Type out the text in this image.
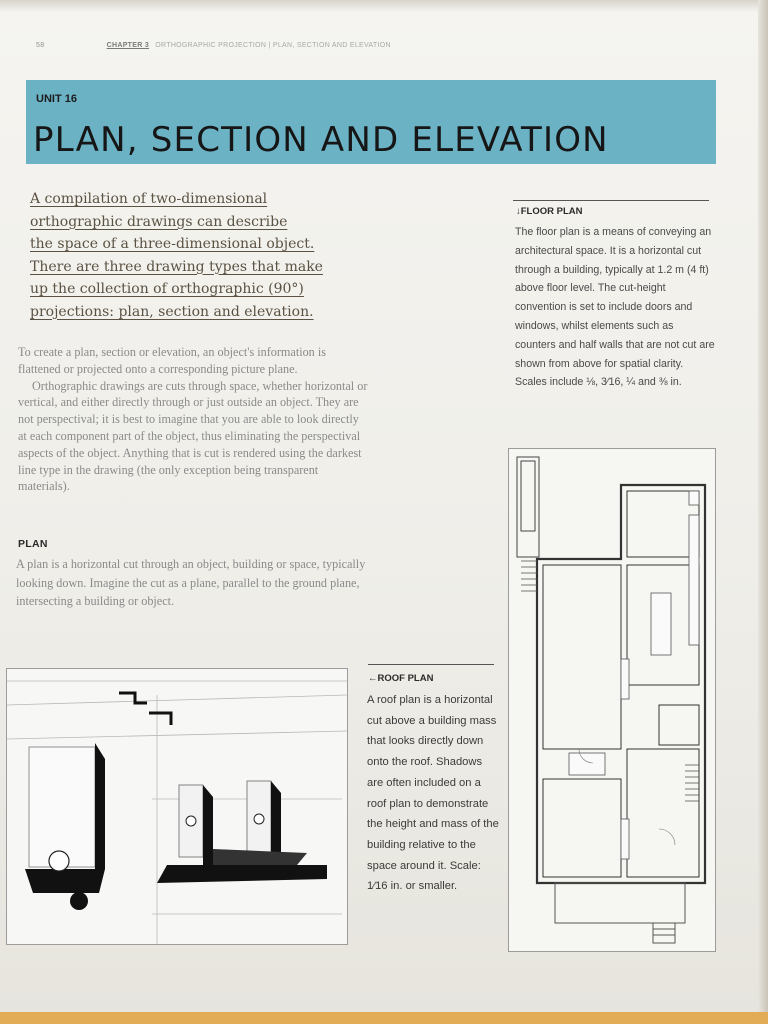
58	CHAPTER 3 ORTHOGRAPHIC PROJECTION | PLAN, SECTION AND ELEVATION
UNIT 16
PLAN, SECTION AND ELEVATION
A compilation of two-dimensional
orthographic drawings can describe
the space of a three-dimensional object.
There are three drawing types that make
up the collection of orthographic (90°)
projections: plan, section and elevation.

To create a plan, section or elevation, an object's information is flattened or projected onto a corresponding picture plane.

Orthographic drawings are cuts through space, whether horizontal or vertical, and either directly through or just outside an object. They are not perspectival; it is best to imagine that you are able to look directly at each component part of the object, thus eliminating the perspectival aspects of the object. Anything that is cut is rendered using the darkest line type in the drawing (the only exception being transparent materials).

PLAN
A plan is a horizontal cut through an object, building or space, typically looking down. Imagine the cut as a plane, parallel to the ground plane, intersecting a building or object.
↓FLOOR PLAN
The floor plan is a means of conveying an architectural space. It is a horizontal cut through a building, typically at 1.2 m (4 ft) above floor level. The cut-height convention is set to include doors and windows, whilst elements such as counters and half walls that are not cut are shown from above for spatial clarity. Scales include ⅛, 3⁄16, ¼ and ⅜ in.
←ROOF PLAN
A roof plan is a horizontal cut above a building mass that looks directly down onto the roof. Shadows are often included on a roof plan to demonstrate the height and mass of the building relative to the space around it. Scale: 1⁄16 in. or smaller.
